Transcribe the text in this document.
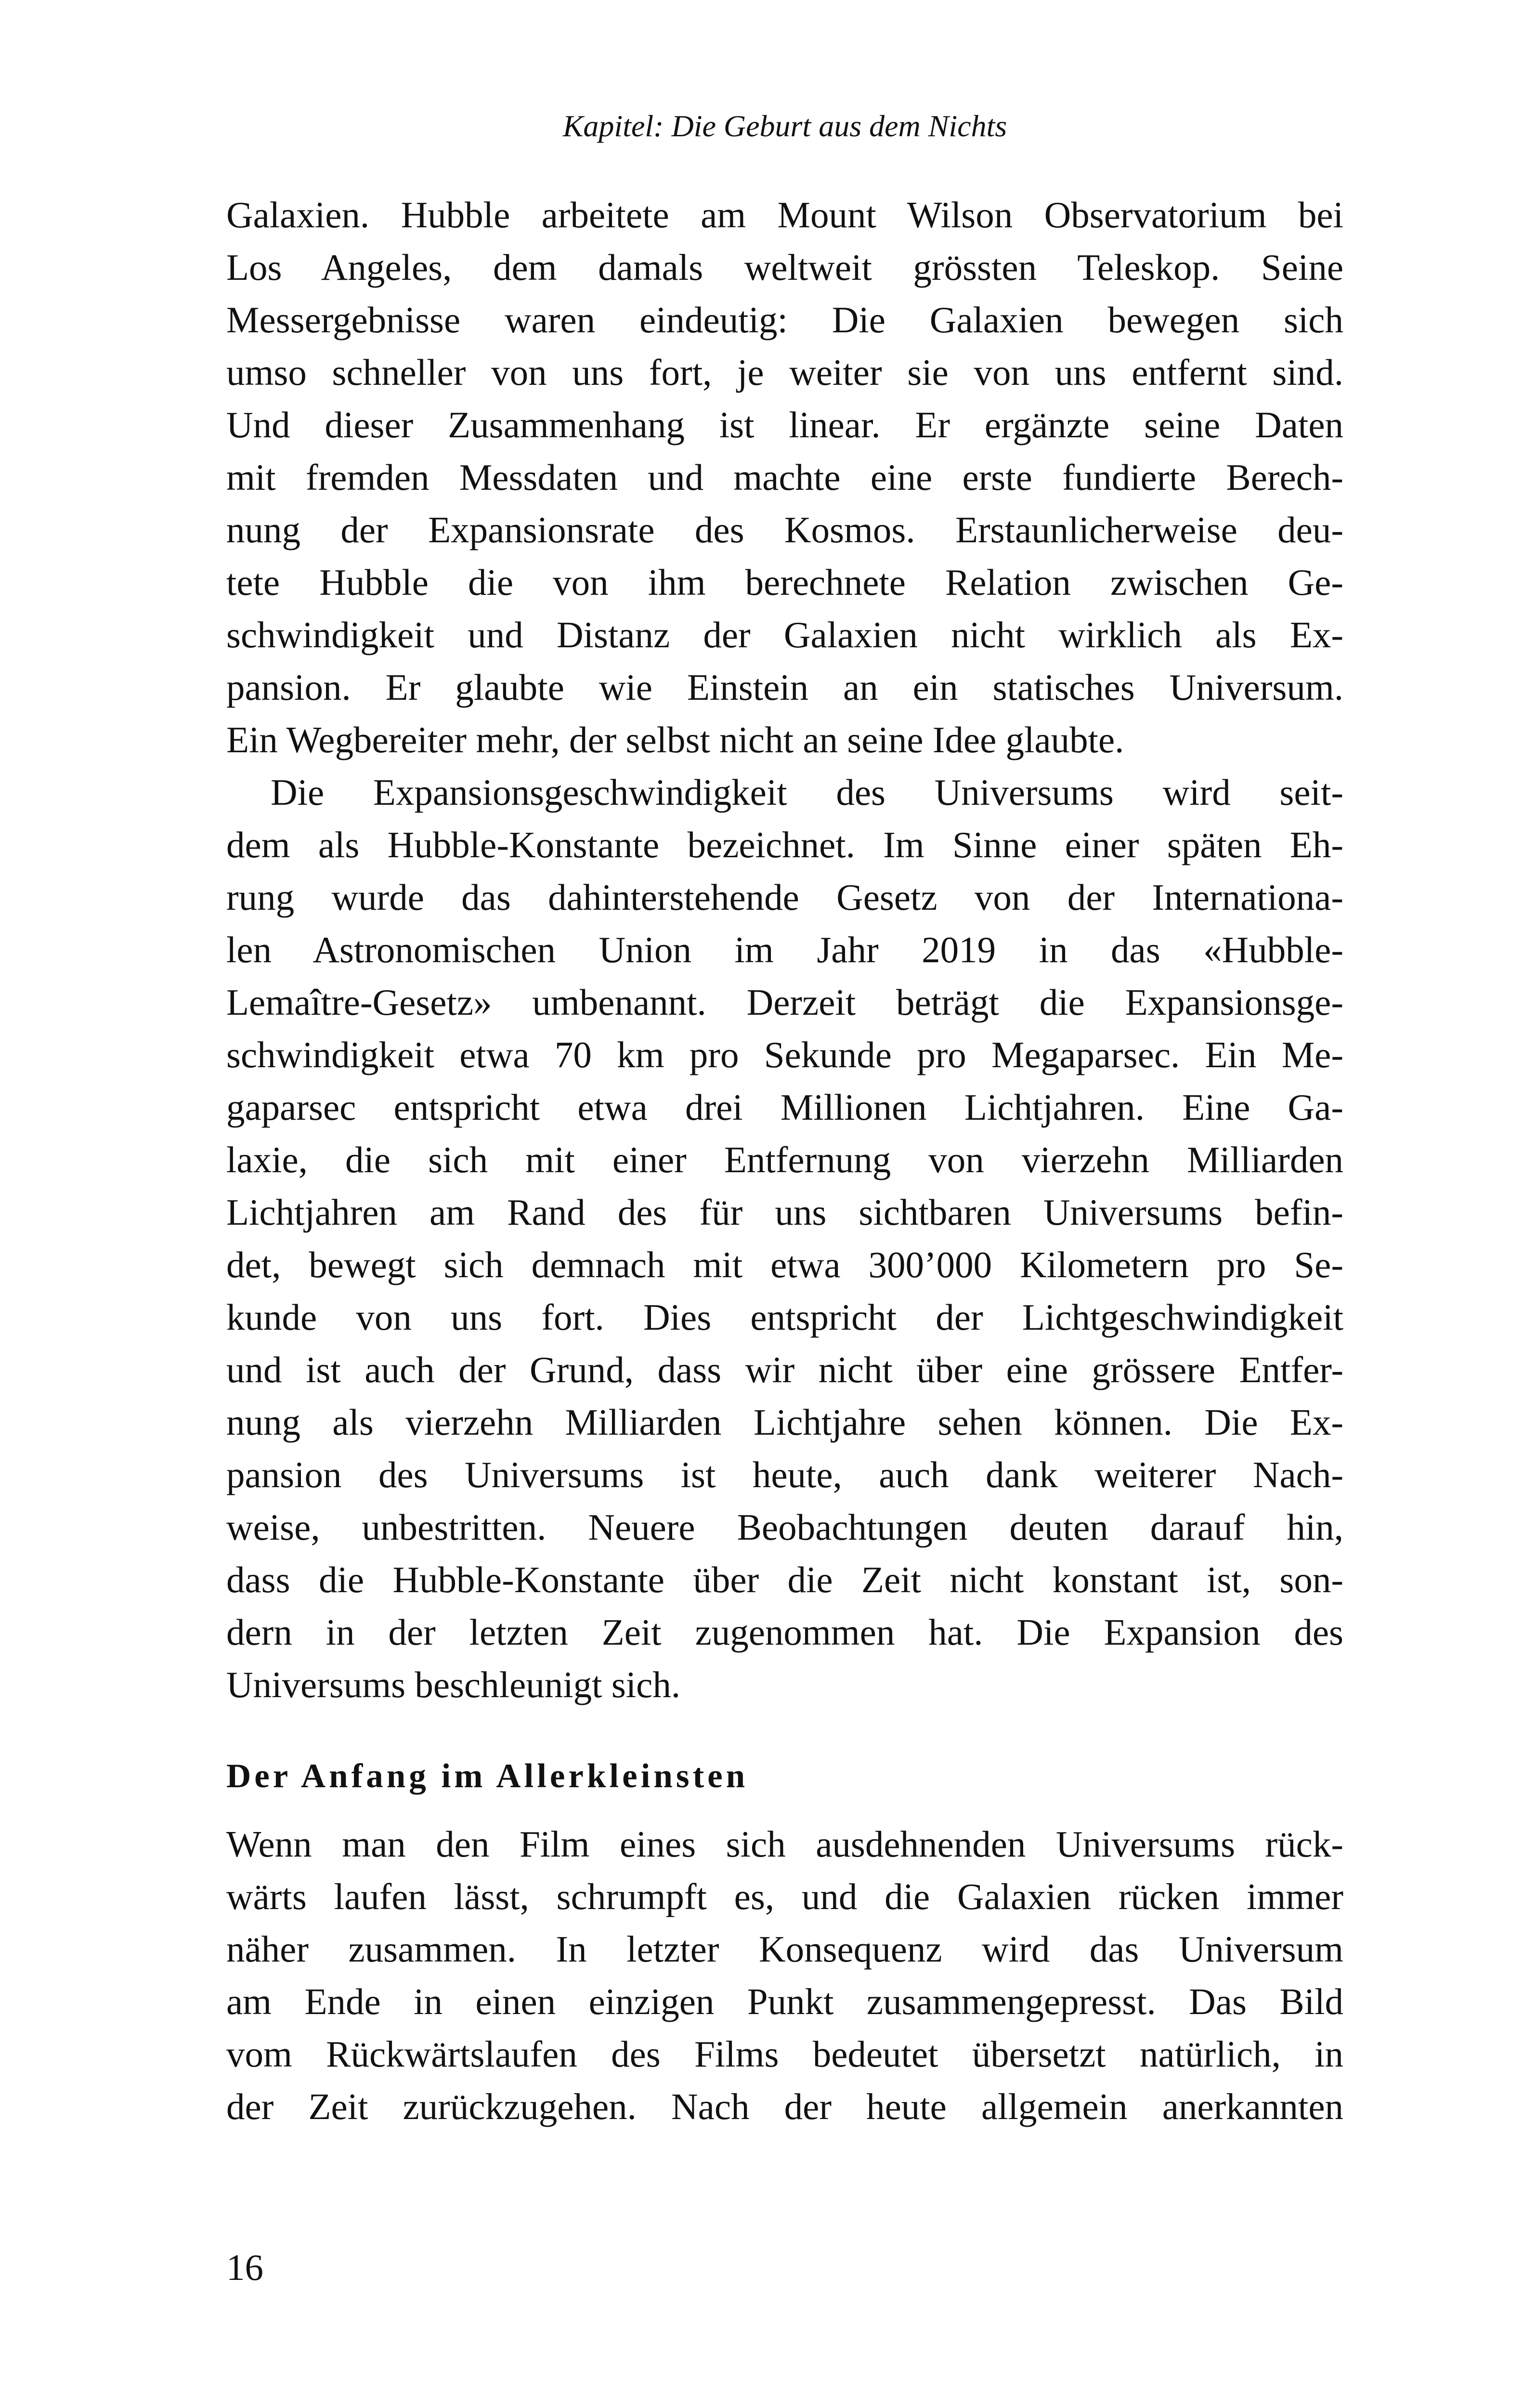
Kapitel: Die Geburt aus dem Nichts
Galaxien. Hubble arbeitete am Mount Wilson Observatorium bei
Los Angeles, dem damals weltweit grössten Teleskop. Seine
Messergebnisse waren eindeutig: Die Galaxien bewegen sich
umso schneller von uns fort, je weiter sie von uns entfernt sind.
Und dieser Zusammenhang ist linear. Er ergänzte seine Daten
mit fremden Messdaten und machte eine erste fundierte Berech-
nung der Expansionsrate des Kosmos. Erstaunlicherweise deu-
tete Hubble die von ihm berechnete Relation zwischen Ge-
schwindigkeit und Distanz der Galaxien nicht wirklich als Ex-
pansion. Er glaubte wie Einstein an ein statisches Universum.
Ein Wegbereiter mehr, der selbst nicht an seine Idee glaubte.
Die Expansionsgeschwindigkeit des Universums wird seit-
dem als Hubble-Konstante bezeichnet. Im Sinne einer späten Eh-
rung wurde das dahinterstehende Gesetz von der Internationa-
len Astronomischen Union im Jahr 2019 in das «Hubble-
Lemaître-Gesetz» umbenannt. Derzeit beträgt die Expansionsge-
schwindigkeit etwa 70 km pro Sekunde pro Megaparsec. Ein Me-
gaparsec entspricht etwa drei Millionen Lichtjahren. Eine Ga-
laxie, die sich mit einer Entfernung von vierzehn Milliarden
Lichtjahren am Rand des für uns sichtbaren Universums befin-
det, bewegt sich demnach mit etwa 300’000 Kilometern pro Se-
kunde von uns fort. Dies entspricht der Lichtgeschwindigkeit
und ist auch der Grund, dass wir nicht über eine grössere Entfer-
nung als vierzehn Milliarden Lichtjahre sehen können. Die Ex-
pansion des Universums ist heute, auch dank weiterer Nach-
weise, unbestritten. Neuere Beobachtungen deuten darauf hin,
dass die Hubble-Konstante über die Zeit nicht konstant ist, son-
dern in der letzten Zeit zugenommen hat. Die Expansion des
Universums beschleunigt sich.
Der Anfang im Allerkleinsten
Wenn man den Film eines sich ausdehnenden Universums rück-
wärts laufen lässt, schrumpft es, und die Galaxien rücken immer
näher zusammen. In letzter Konsequenz wird das Universum
am Ende in einen einzigen Punkt zusammengepresst. Das Bild
vom Rückwärtslaufen des Films bedeutet übersetzt natürlich, in
der Zeit zurückzugehen. Nach der heute allgemein anerkannten
16
